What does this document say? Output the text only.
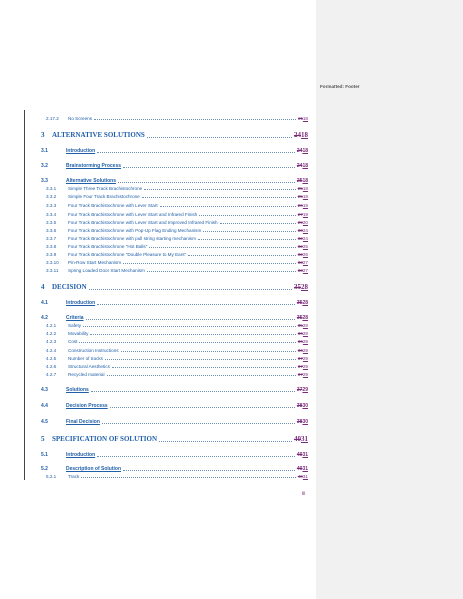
Formatted: Footer
2.17.2	No Screens	2118
3	ALTERNATIVE SOLUTIONS	2418
3.1	Introduction	2418
3.2	Brainstorming Process	2418
3.3	Alternative Solutions	2518
3.3.1	Simple Three Track Brachistochrone	2518
3.3.2	Simple Four Track Brachistochrone	2519
3.3.3	Four Track Brachistochrone with Lever Start	2619
3.3.4	Four Track Brachistochrone with Lever Start and Infrared Finish	2719
3.3.5	Four Track Brachistochrone with Lever Start and Improved Infrared Finish	2920
3.3.6	Four Track Brachistochrone with Pop-Up Flag Ending Mechanism	3024
3.3.7	Four Track Brachistochrone with pull string starting mechanism	3224
3.3.8	Four Track Brachistochrone "Hot Balls"	3225
3.3.9	Four Track Brachistochrone "Double Pleasure to My Ears"	3226
3.3.10	Pin-Row Start Mechanism	3327
3.3.11	Spring Loaded Door Start Mechanism	3327
4	DECISION	3528
4.1	Introduction	3528
4.2	Criteria	3528
4.2.1	Safety	3528
4.2.2	Movability	3628
4.2.3	Cost	3629
4.2.4	Construction Instructions	3629
4.2.5	Number of tracks	3729
4.2.6	Structural Aesthetics	3729
4.2.7	Recycled material	3729
4.3	Solutions	3729
4.4	Decision Process	3830
4.5	Final Decision	3830
5	SPECIFICATION OF SOLUTION	4031
5.1	Introduction	4031
5.2	Description of Solution	4031
5.2.1	Track	4031
iii
